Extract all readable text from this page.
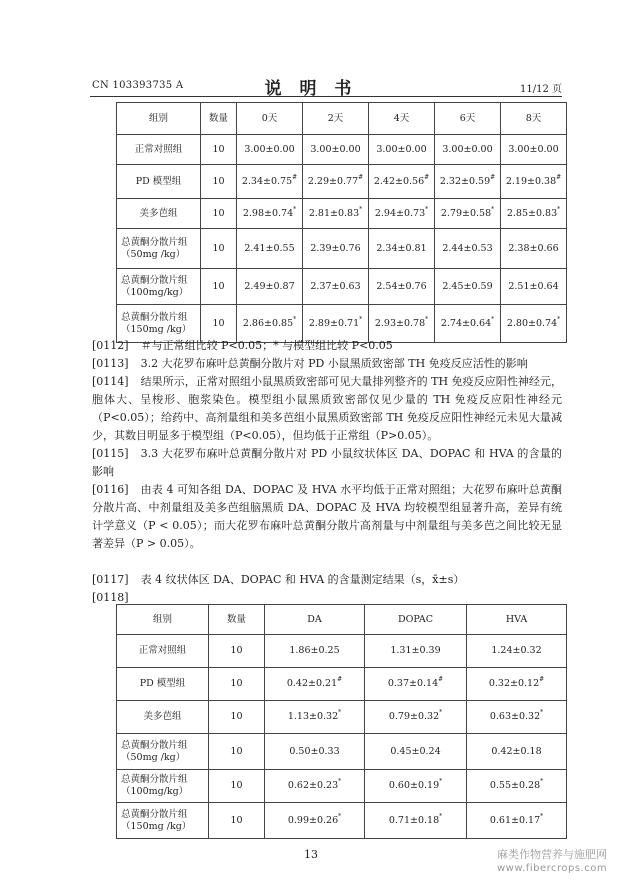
CN 103393735 A	说 明 书	11/12 页
组别	数量	0天	2天	4天	6天	8天
正常对照组	10	3.00±0.00	3.00±0.00	3.00±0.00	3.00±0.00	3.00±0.00
PD 模型组	10	2.34±0.75#	2.29±0.77#	2.42±0.56#	2.32±0.59#	2.19±0.38#
美多芭组	10	2.98±0.74*	2.81±0.83*	2.94±0.73*	2.79±0.58*	2.85±0.83*
总黄酮分散片组
（50mg /kg）	10	2.41±0.55	2.39±0.76	2.34±0.81	2.44±0.53	2.38±0.66
总黄酮分散片组
（100mg/kg）	10	2.49±0.87	2.37±0.63	2.54±0.76	2.45±0.59	2.51±0.64
总黄酮分散片组
（150mg /kg）	10	2.86±0.85*	2.89±0.71*	2.93±0.78*	2.74±0.64*	2.80±0.74*
[0112] ＃与正常组比较 P<0.05；* 与模型组比较 P<0.05
[0113] 3.2 大花罗布麻叶总黄酮分散片对 PD 小鼠黑质致密部 TH 免疫反应活性的影响
[0114] 结果所示，正常对照组小鼠黑质致密部可见大量排列整齐的 TH 免疫反应阳性神经元，胞体大、呈梭形、胞浆染色。模型组小鼠黑质致密部仅见少量的 TH 免疫反应阳性神经元（P<0.05）；给药中、高剂量组和美多芭组小鼠黑质致密部 TH 免疫反应阳性神经元未见大量减少，其数目明显多于模型组（P<0.05），但均低于正常组（P>0.05）。
[0115] 3.3 大花罗布麻叶总黄酮分散片对 PD 小鼠纹状体区 DA、DOPAC 和 HVA 的含量的影响
[0116] 由表 4 可知各组 DA、DOPAC 及 HVA 水平均低于正常对照组；大花罗布麻叶总黄酮分散片高、中剂量组及美多芭组脑黑质 DA、DOPAC 及 HVA 均较模型组显著升高，差异有统计学意义（P < 0.05）；而大花罗布麻叶总黄酮分散片高剂量与中剂量组与美多芭之间比较无显著差异（P > 0.05）。
[0117] 表 4 纹状体区 DA、DOPAC 和 HVA 的含量测定结果（s，x̄±s）
[0118]
组别	数量	DA	DOPAC	HVA
正常对照组	10	1.86±0.25	1.31±0.39	1.24±0.32
PD 模型组	10	0.42±0.21#	0.37±0.14#	0.32±0.12#
美多芭组	10	1.13±0.32*	0.79±0.32*	0.63±0.32*
总黄酮分散片组
（50mg /kg）	10	0.50±0.33	0.45±0.24	0.42±0.18
总黄酮分散片组
（100mg/kg）	10	0.62±0.23*	0.60±0.19*	0.55±0.28*
总黄酮分散片组
（150mg /kg）	10	0.99±0.26*	0.71±0.18*	0.61±0.17*
13	麻类作物营养与施肥网
www.fibercrops.com
